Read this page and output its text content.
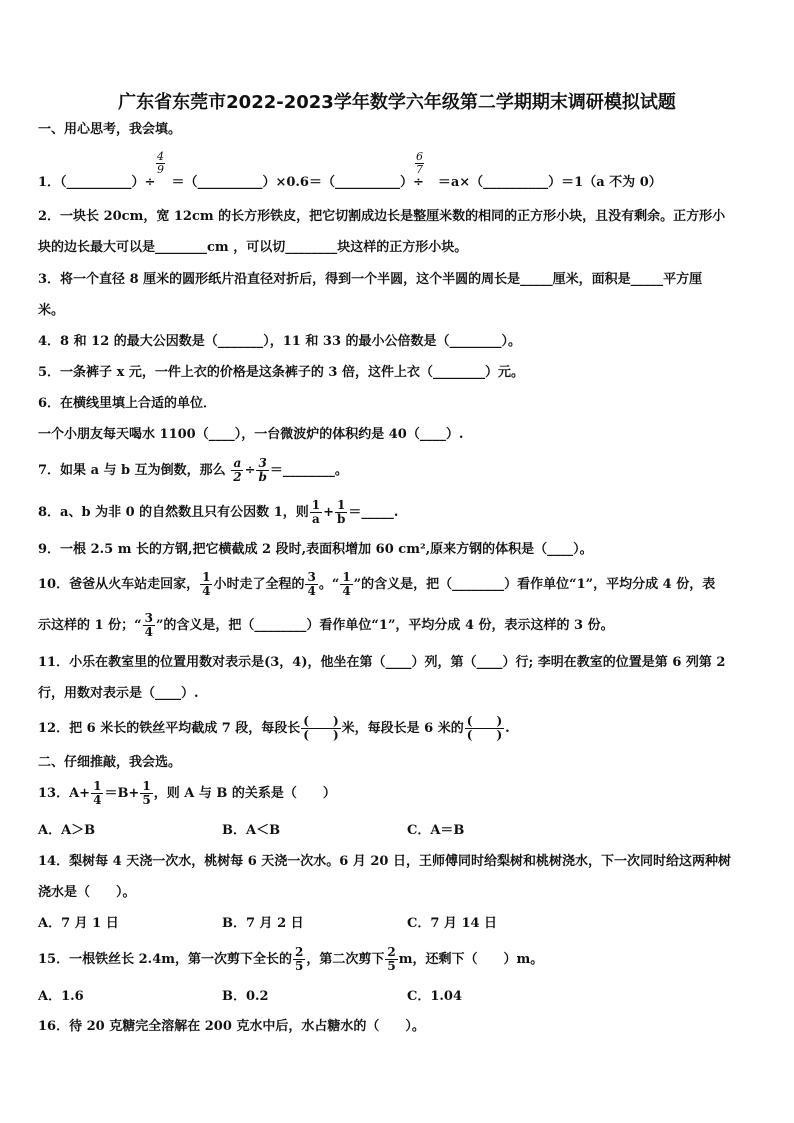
广东省东莞市2022-2023学年数学六年级第二学期期末调研模拟试题
一、用心思考，我会填。
1．（__________）÷ ＝（__________）×0.6＝（__________）÷ ＝a×（__________）＝1（a 不为 0）
4
9
6
7
2．一块长 20cm，宽 12cm 的长方形铁皮，把它切割成边长是整厘米数的相同的正方形小块，且没有剩余。正方形小
块的边长最大可以是________cm ，可以切________块这样的正方形小块。
3．将一个直径 8 厘米的圆形纸片沿直径对折后，得到一个半圆，这个半圆的周长是_____厘米，面积是_____平方厘
米。
4．8 和 12 的最大公因数是（_______），11 和 33 的最小公倍数是（________）。
5．一条裤子 x 元，一件上衣的价格是这条裤子的 3 倍，这件上衣（________）元。
6．在横线里填上合适的单位．
一个小朋友每天喝水 1100（____），一台微波炉的体积约是 40（____）.
7．如果 a 与 b 互为倒数，那么 $\frac{a}{2} \div \frac{3}{b}$ ＝________。
8．a、b 为非 0 的自然数且只有公因数 1，则 $\frac{1}{a} + \frac{1}{b}$ ＝_____.
9．一根 2.5 m 长的方钢,把它横截成 2 段时,表面积增加 60 cm²,原来方钢的体积是（____）。
10．爸爸从火车站走回家， $\frac{1}{4}$ 小时走了全程的 $\frac{3}{4}$ 。“ $\frac{1}{4}$ ”的含义是，把（________）看作单位“1”，平均分成 4 份，表
示这样的 1 份；“ $\frac{3}{4}$ ”的含义是，把（________）看作单位“1”，平均分成 4 份，表示这样的 3 份。
11．小乐在教室里的位置用数对表示是(3，4)，他坐在第（____）列，第（____）行; 李明在教室的位置是第 6 列第 2
行，用数对表示是（____）.
12．把 6 米长的铁丝平均截成 7 段，每段长 (　　)
(　　) 米，每段长是 6 米的 (　　)
(　　) .
二、仔细推敲，我会选。
13．$A+ \frac{1}{4} =B+ \frac{1}{5}$ ，则 A 与 B 的关系是（　　）
A．A＞B	B．A＜B	C．A＝B
14．梨树每 4 天浇一次水，桃树每 6 天浇一次水。6 月 20 日，王师傅同时给梨树和桃树浇水，下一次同时给这两种树
浇水是（　　）。
A．7 月 1 日	B．7 月 2 日	C．7 月 14 日
15．一根铁丝长 2.4m，第一次剪下全长的 $\frac{2}{5}$ ，第二次剪下 $\frac{2}{5}$ m，还剩下（　　）m。
A．1.6	B．0.2	C．1.04
16．待 20 克糖完全溶解在 200 克水中后，水占糖水的（　　）。
